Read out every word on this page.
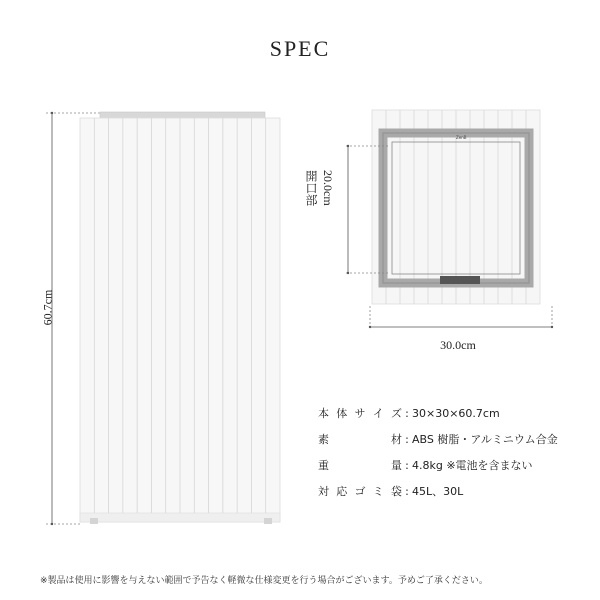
SPEC
ZenB
60.7cm
開口部 20.0cm
30.0cm
本 体 サ イ ズ : 30×30×60.7cm
素	材 : ABS 樹脂・アルミニウム合金
重	量 : 4.8kg ※電池を含まない
対 応 ゴ ミ 袋 : 45L、30L
※製品は使用に影響を与えない範囲で予告なく軽微な仕様変更を行う場合がございます。予めご了承ください。
